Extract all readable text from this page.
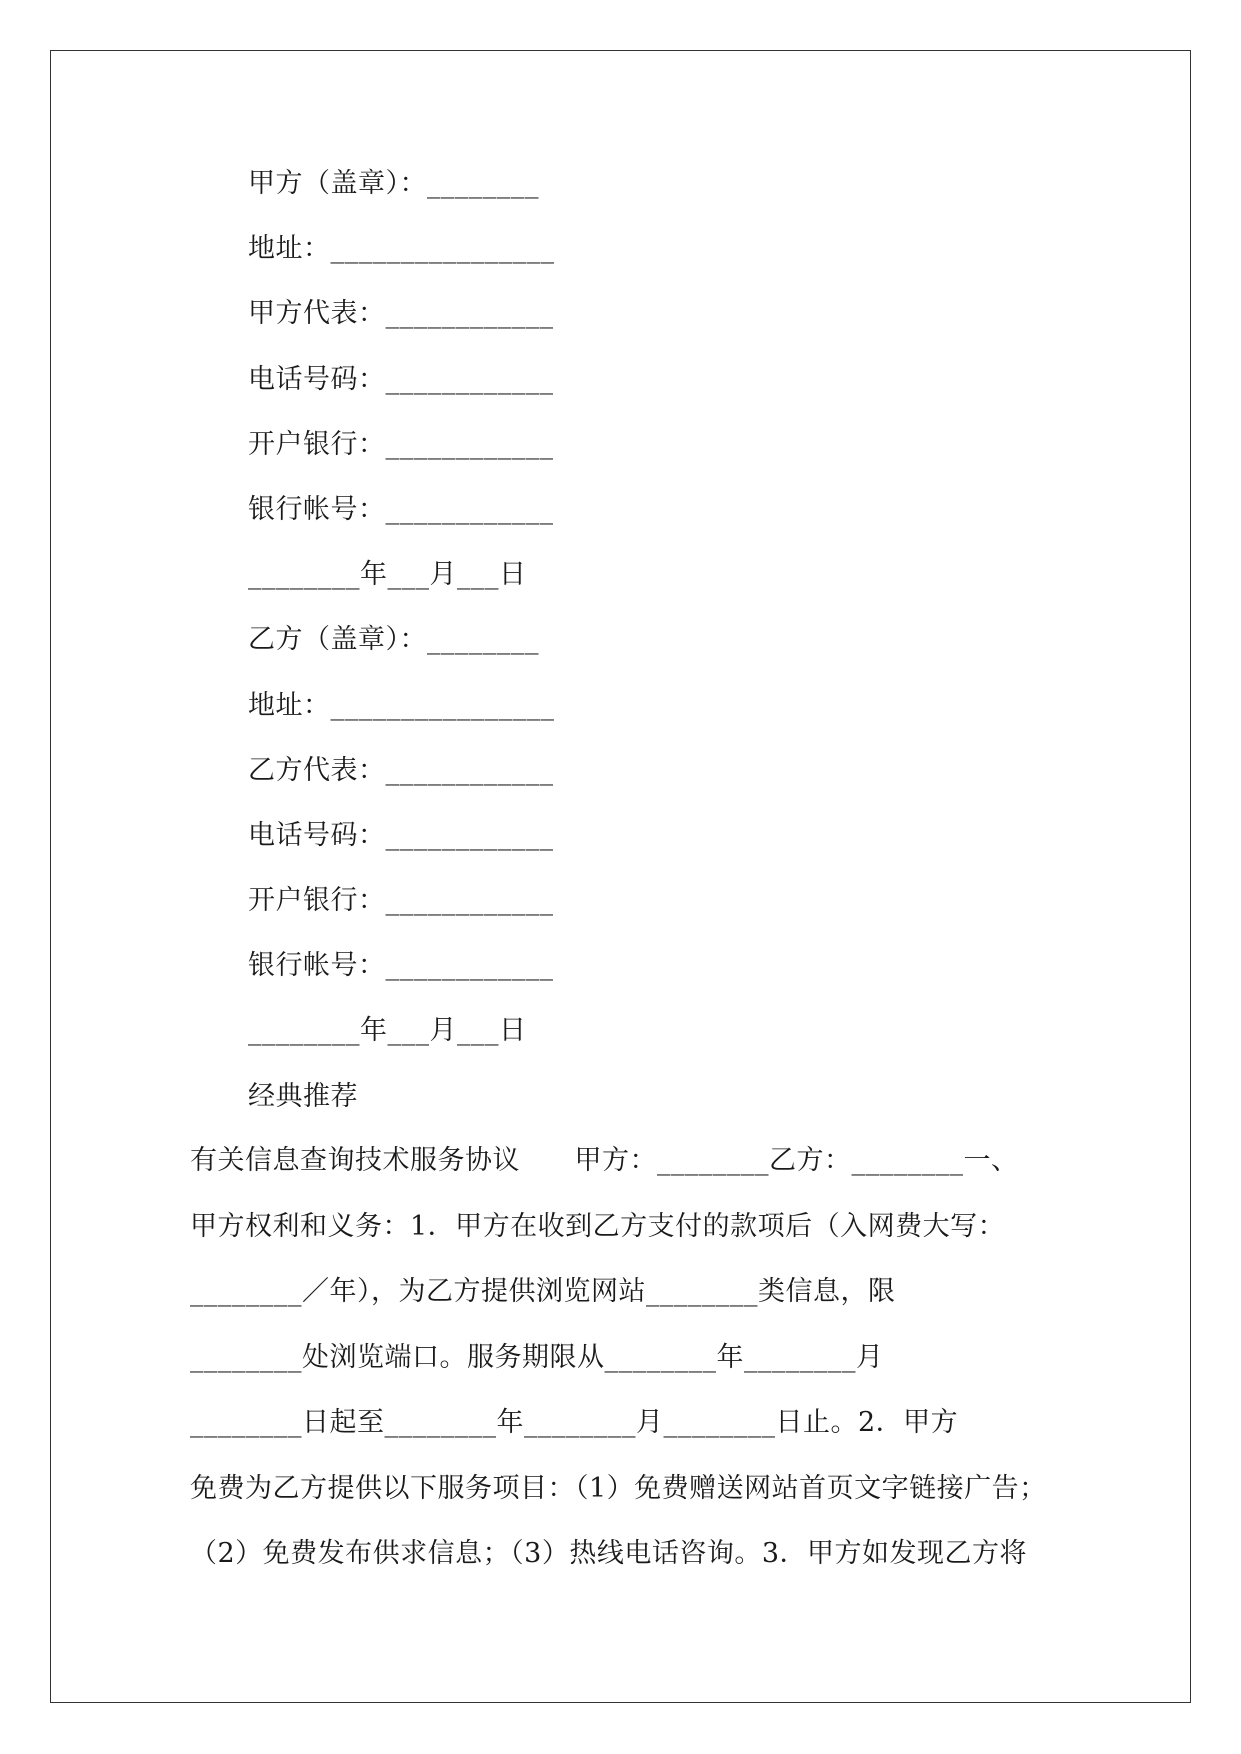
甲方（盖章）：________
地址：________________
甲方代表：____________
电话号码：____________
开户银行：____________
银行帐号：____________
________年___月___日
乙方（盖章）：________
地址：________________
乙方代表：____________
电话号码：____________
开户银行：____________
银行帐号：____________
________年___月___日
经典推荐
有关信息查询技术服务协议      甲方：________乙方：________一、
甲方权利和义务：1．甲方在收到乙方支付的款项后（入网费大写：
________／年），为乙方提供浏览网站________类信息，限
________处浏览端口。服务期限从________年________月
________日起至________年________月________日止。2．甲方
免费为乙方提供以下服务项目：（1）免费赠送网站首页文字链接广告；
（2）免费发布供求信息；（3）热线电话咨询。3．甲方如发现乙方将
